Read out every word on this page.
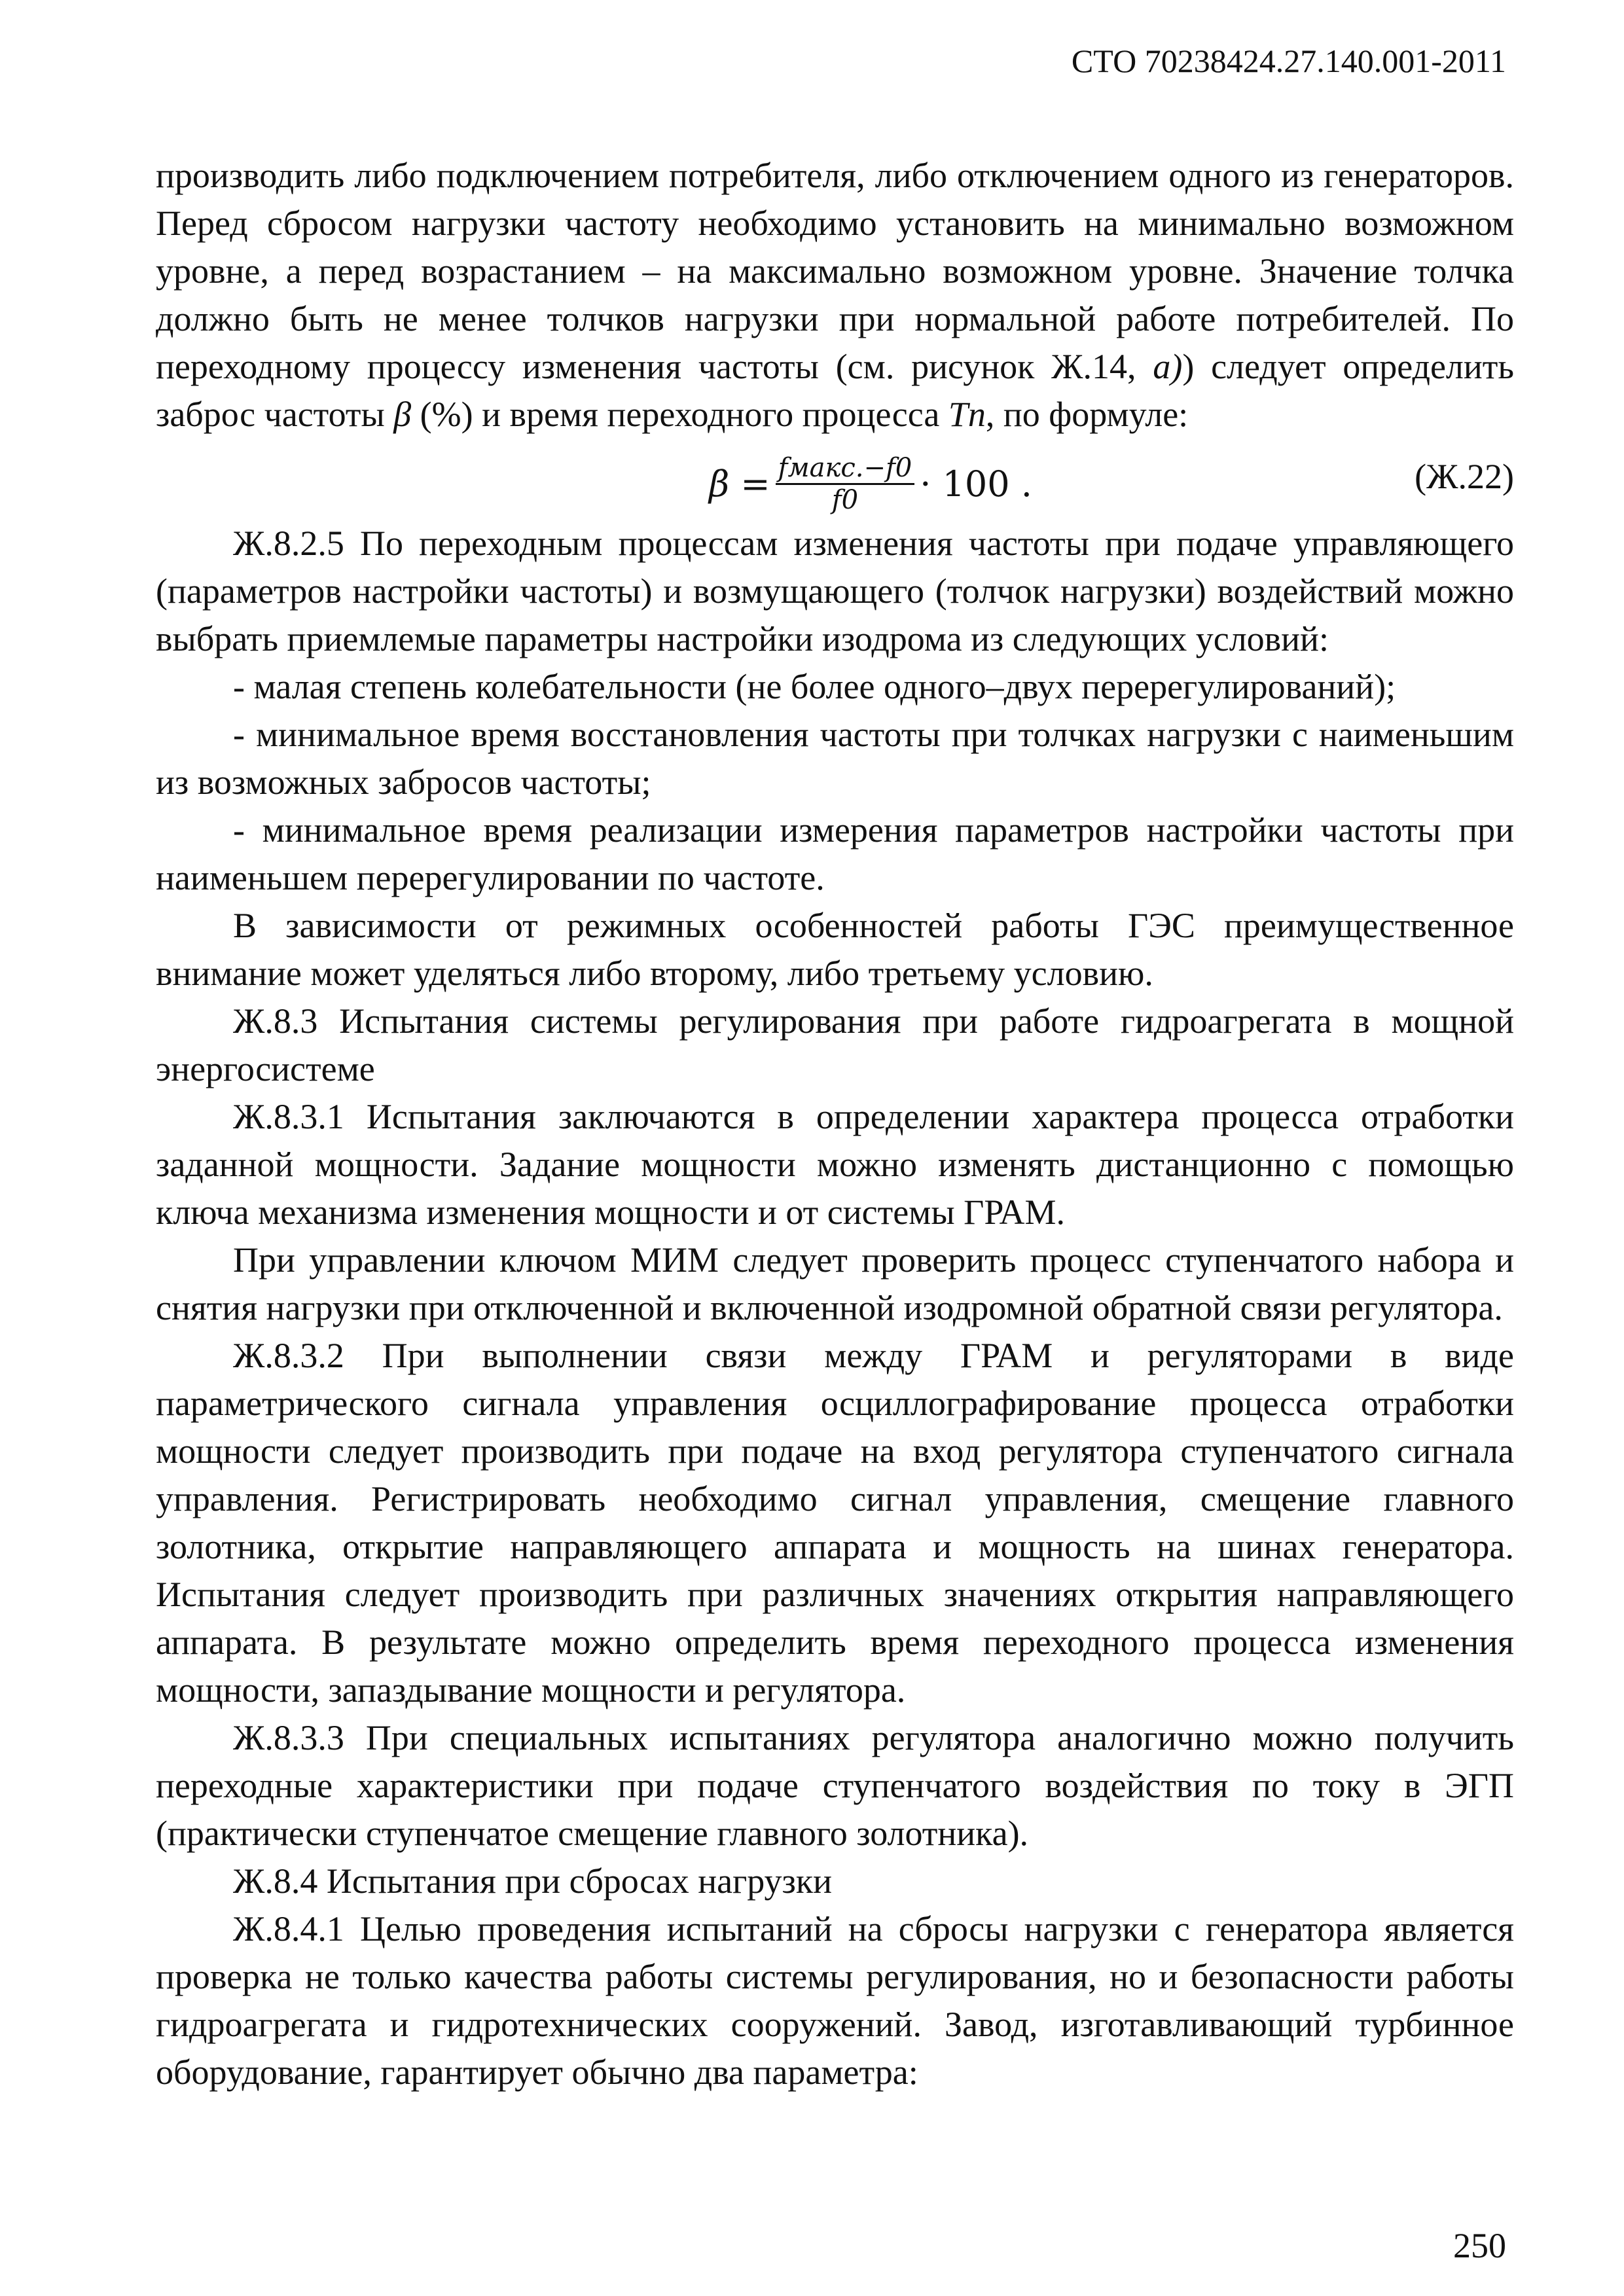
СТО 70238424.27.140.001-2011

производить либо подключением потребителя, либо отключением одного из генераторов. Перед сбросом нагрузки частоту необходимо установить на минимально возможном уровне, а перед возрастанием – на максимально возможном уровне. Значение толчка должно быть не менее толчков нагрузки при нормальной работе потребителей. По переходному процессу изменения частоты (см. рисунок Ж.14, а)) следует определить заброс частоты β (%) и время переходного процесса Tn, по формуле:

$\beta = \frac{\text{fмакс.−f0}}{f0} \cdot 100$ .	(Ж.22)

Ж.8.2.5 По переходным процессам изменения частоты при подаче управляющего (параметров настройки частоты) и возмущающего (толчок нагрузки) воздействий можно выбрать приемлемые параметры настройки изодрома из следующих условий:

- малая степень колебательности (не более одного–двух перерегулирований);

- минимальное время восстановления частоты при толчках нагрузки с наименьшим из возможных забросов частоты;

- минимальное время реализации измерения параметров настройки частоты при наименьшем перерегулировании по частоте.

В зависимости от режимных особенностей работы ГЭС преимущественное внимание может уделяться либо второму, либо третьему условию.

Ж.8.3 Испытания системы регулирования при работе гидроагрегата в мощной энергосистеме

Ж.8.3.1 Испытания заключаются в определении характера процесса отработки заданной мощности. Задание мощности можно изменять дистанционно с помощью ключа механизма изменения мощности и от системы ГРАМ.

При управлении ключом МИМ следует проверить процесс ступенчатого набора и снятия нагрузки при отключенной и включенной изодромной обратной связи регулятора.

Ж.8.3.2 При выполнении связи между ГРАМ и регуляторами в виде параметрического сигнала управления осциллографирование процесса отработки мощности следует производить при подаче на вход регулятора ступенчатого сигнала управления. Регистрировать необходимо сигнал управления, смещение главного золотника, открытие направляющего аппарата и мощность на шинах генератора. Испытания следует производить при различных значениях открытия направляющего аппарата. В результате можно определить время переходного процесса изменения мощности, запаздывание мощности и регулятора.

Ж.8.3.3 При специальных испытаниях регулятора аналогично можно получить переходные характеристики при подаче ступенчатого воздействия по току в ЭГП (практически ступенчатое смещение главного золотника).

Ж.8.4 Испытания при сбросах нагрузки

Ж.8.4.1 Целью проведения испытаний на сбросы нагрузки с генератора является проверка не только качества работы системы регулирования, но и безопасности работы гидроагрегата и гидротехнических сооружений. Завод, изготавливающий турбинное оборудование, гарантирует обычно два параметра:

250
